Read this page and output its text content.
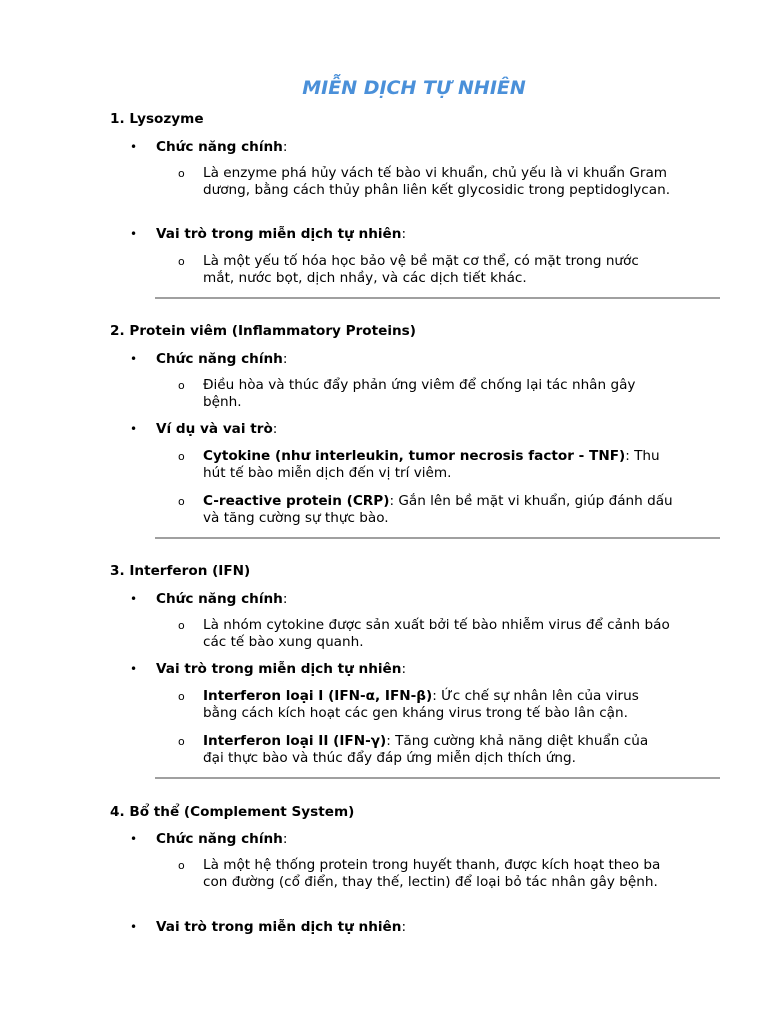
MIỄN DỊCH TỰ NHIÊN
1. Lysozyme
• Chức năng chính:
o Là enzyme phá hủy vách tế bào vi khuẩn, chủ yếu là vi khuẩn Gram dương, bằng cách thủy phân liên kết glycosidic trong peptidoglycan.
• Vai trò trong miễn dịch tự nhiên:
o Là một yếu tố hóa học bảo vệ bề mặt cơ thể, có mặt trong nước mắt, nước bọt, dịch nhầy, và các dịch tiết khác.
2. Protein viêm (Inflammatory Proteins)
• Chức năng chính:
o Điều hòa và thúc đẩy phản ứng viêm để chống lại tác nhân gây bệnh.
• Ví dụ và vai trò:
o Cytokine (như interleukin, tumor necrosis factor - TNF): Thu hút tế bào miễn dịch đến vị trí viêm.
o C-reactive protein (CRP): Gắn lên bề mặt vi khuẩn, giúp đánh dấu và tăng cường sự thực bào.
3. Interferon (IFN)
• Chức năng chính:
o Là nhóm cytokine được sản xuất bởi tế bào nhiễm virus để cảnh báo các tế bào xung quanh.
• Vai trò trong miễn dịch tự nhiên:
o Interferon loại I (IFN-α, IFN-β): Ức chế sự nhân lên của virus bằng cách kích hoạt các gen kháng virus trong tế bào lân cận.
o Interferon loại II (IFN-γ): Tăng cường khả năng diệt khuẩn của đại thực bào và thúc đẩy đáp ứng miễn dịch thích ứng.
4. Bổ thể (Complement System)
• Chức năng chính:
o Là một hệ thống protein trong huyết thanh, được kích hoạt theo ba con đường (cổ điển, thay thế, lectin) để loại bỏ tác nhân gây bệnh.
• Vai trò trong miễn dịch tự nhiên:
